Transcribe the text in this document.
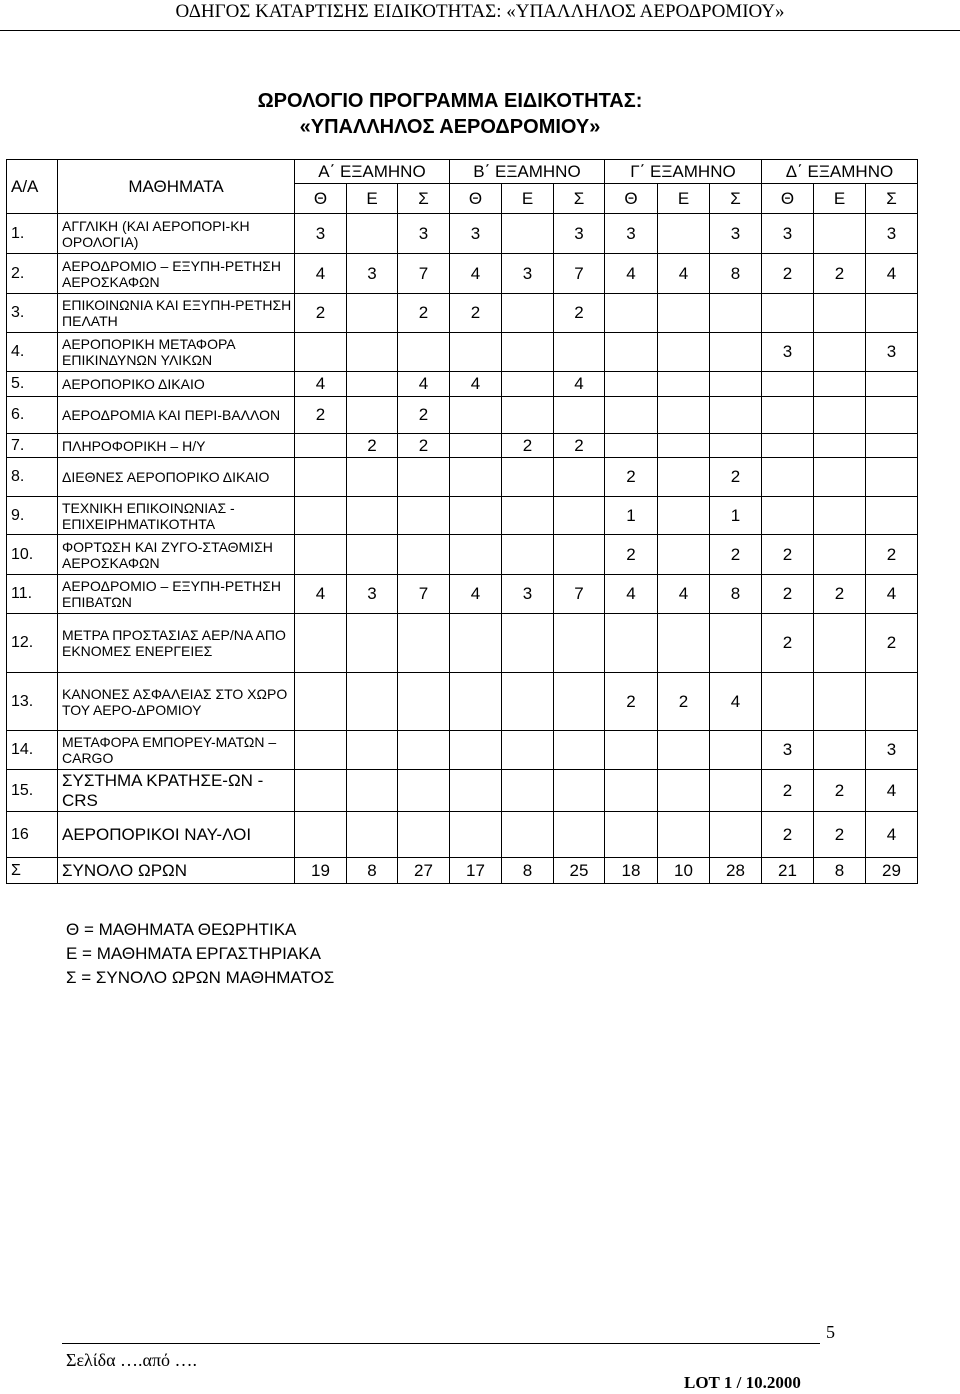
ΟΔΗΓΟΣ ΚΑΤΑΡΤΙΣΗΣ ΕΙΔΙΚΟΤΗΤΑΣ: «ΥΠΑΛΛΗΛΟΣ ΑΕΡΟΔΡΟΜΙΟΥ»
ΩΡΟΛΟΓΙΟ ΠΡΟΓΡΑΜΜΑ ΕΙΔΙΚΟΤΗΤΑΣ:
«ΥΠΑΛΛΗΛΟΣ ΑΕΡΟΔΡΟΜΙΟΥ»
Α/Α	ΜΑΘΗΜΑΤΑ	Α΄ ΕΞΑΜΗΝΟ			Β΄ ΕΞΑΜΗΝΟ			Γ΄ ΕΞΑΜΗΝΟ			Δ΄ ΕΞΑΜΗΝΟ		
		Θ	Ε	Σ	Θ	Ε	Σ	Θ	Ε	Σ	Θ	Ε	Σ
1.	ΑΓΓΛΙΚΗ (ΚΑΙ ΑΕΡΟΠΟΡΙ-ΚΗ ΟΡΟΛΟΓΙΑ)	3		3	3		3	3		3	3		3
2.	ΑΕΡΟΔΡΟΜΙΟ – ΕΞΥΠΗ-ΡΕΤΗΣΗ ΑΕΡΟΣΚΑΦΩΝ	4	3	7	4	3	7	4	4	8	2	2	4
3.	ΕΠΙΚΟΙΝΩΝΙΑ ΚΑΙ ΕΞΥΠΗ-ΡΕΤΗΣΗ ΠΕΛΑΤΗ	2		2	2		2						
4.	ΑΕΡΟΠΟΡΙΚΗ ΜΕΤΑΦΟΡΑ ΕΠΙΚΙΝΔΥΝΩΝ ΥΛΙΚΩΝ										3		3
5.	ΑΕΡΟΠΟΡΙΚΟ ΔΙΚΑΙΟ	4		4	4		4						
6.	ΑΕΡΟΔΡΟΜΙΑ ΚΑΙ ΠΕΡΙ-ΒΑΛΛΟΝ	2		2									
7.	ΠΛΗΡΟΦΟΡΙΚΗ – Η/Υ		2	2		2	2						
8.	ΔΙΕΘΝΕΣ ΑΕΡΟΠΟΡΙΚΟ ΔΙΚΑΙΟ							2		2			
9.	ΤΕΧΝΙΚΗ ΕΠΙΚΟΙΝΩΝΙΑΣ - ΕΠΙΧΕΙΡΗΜΑΤΙΚΟΤΗΤΑ							1		1			
10.	ΦΟΡΤΩΣΗ ΚΑΙ ΖΥΓΟ-ΣΤΑΘΜΙΣΗ ΑΕΡΟΣΚΑΦΩΝ							2		2	2		2
11.	ΑΕΡΟΔΡΟΜΙΟ – ΕΞΥΠΗ-ΡΕΤΗΣΗ ΕΠΙΒΑΤΩΝ	4	3	7	4	3	7	4	4	8	2	2	4
12.	ΜΕΤΡΑ ΠΡΟΣΤΑΣΙΑΣ ΑΕΡ/ΝΑ ΑΠΟ ΕΚΝΟΜΕΣ ΕΝΕΡΓΕΙΕΣ										2		2
13.	ΚΑΝΟΝΕΣ ΑΣΦΑΛΕΙΑΣ ΣΤΟ ΧΩΡΟ ΤΟΥ ΑΕΡΟ-ΔΡΟΜΙΟΥ							2	2	4			
14.	ΜΕΤΑΦΟΡΑ ΕΜΠΟΡΕΥ-ΜΑΤΩΝ – CARGO										3		3
15.	ΣΥΣΤΗΜΑ ΚΡΑΤΗΣΕ-ΩΝ - CRS										2	2	4
16	ΑΕΡΟΠΟΡΙΚΟΙ ΝΑΥ-ΛΟΙ										2	2	4
Σ	ΣΥΝΟΛΟ ΩΡΩΝ	19	8	27	17	8	25	18	10	28	21	8	29
Θ = ΜΑΘΗΜΑΤΑ ΘΕΩΡΗΤΙΚΑ
Ε = ΜΑΘΗΜΑΤΑ ΕΡΓΑΣΤΗΡΙΑΚΑ
Σ = ΣΥΝΟΛΟ ΩΡΩΝ ΜΑΘΗΜΑΤΟΣ
5
Σελίδα ….από ….
LOT 1 / 10.2000
